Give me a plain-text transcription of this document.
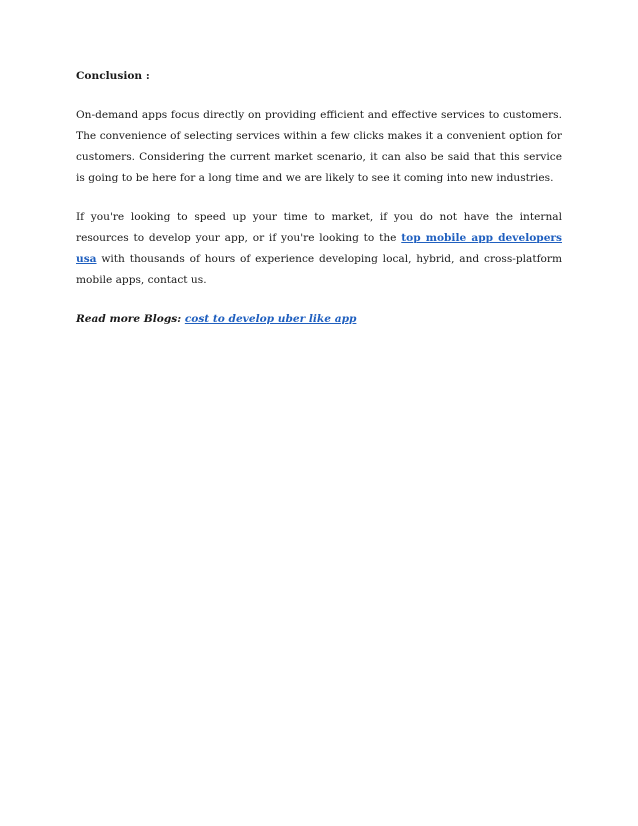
Conclusion :

On-demand apps focus directly on providing efficient and effective services to customers. The convenience of selecting services within a few clicks makes it a convenient option for customers. Considering the current market scenario, it can also be said that this service is going to be here for a long time and we are likely to see it coming into new industries.

If you're looking to speed up your time to market, if you do not have the internal resources to develop your app, or if you're looking to the top mobile app developers usa with thousands of hours of experience developing local, hybrid, and cross-platform mobile apps, contact us.

Read more Blogs: cost to develop uber like app
